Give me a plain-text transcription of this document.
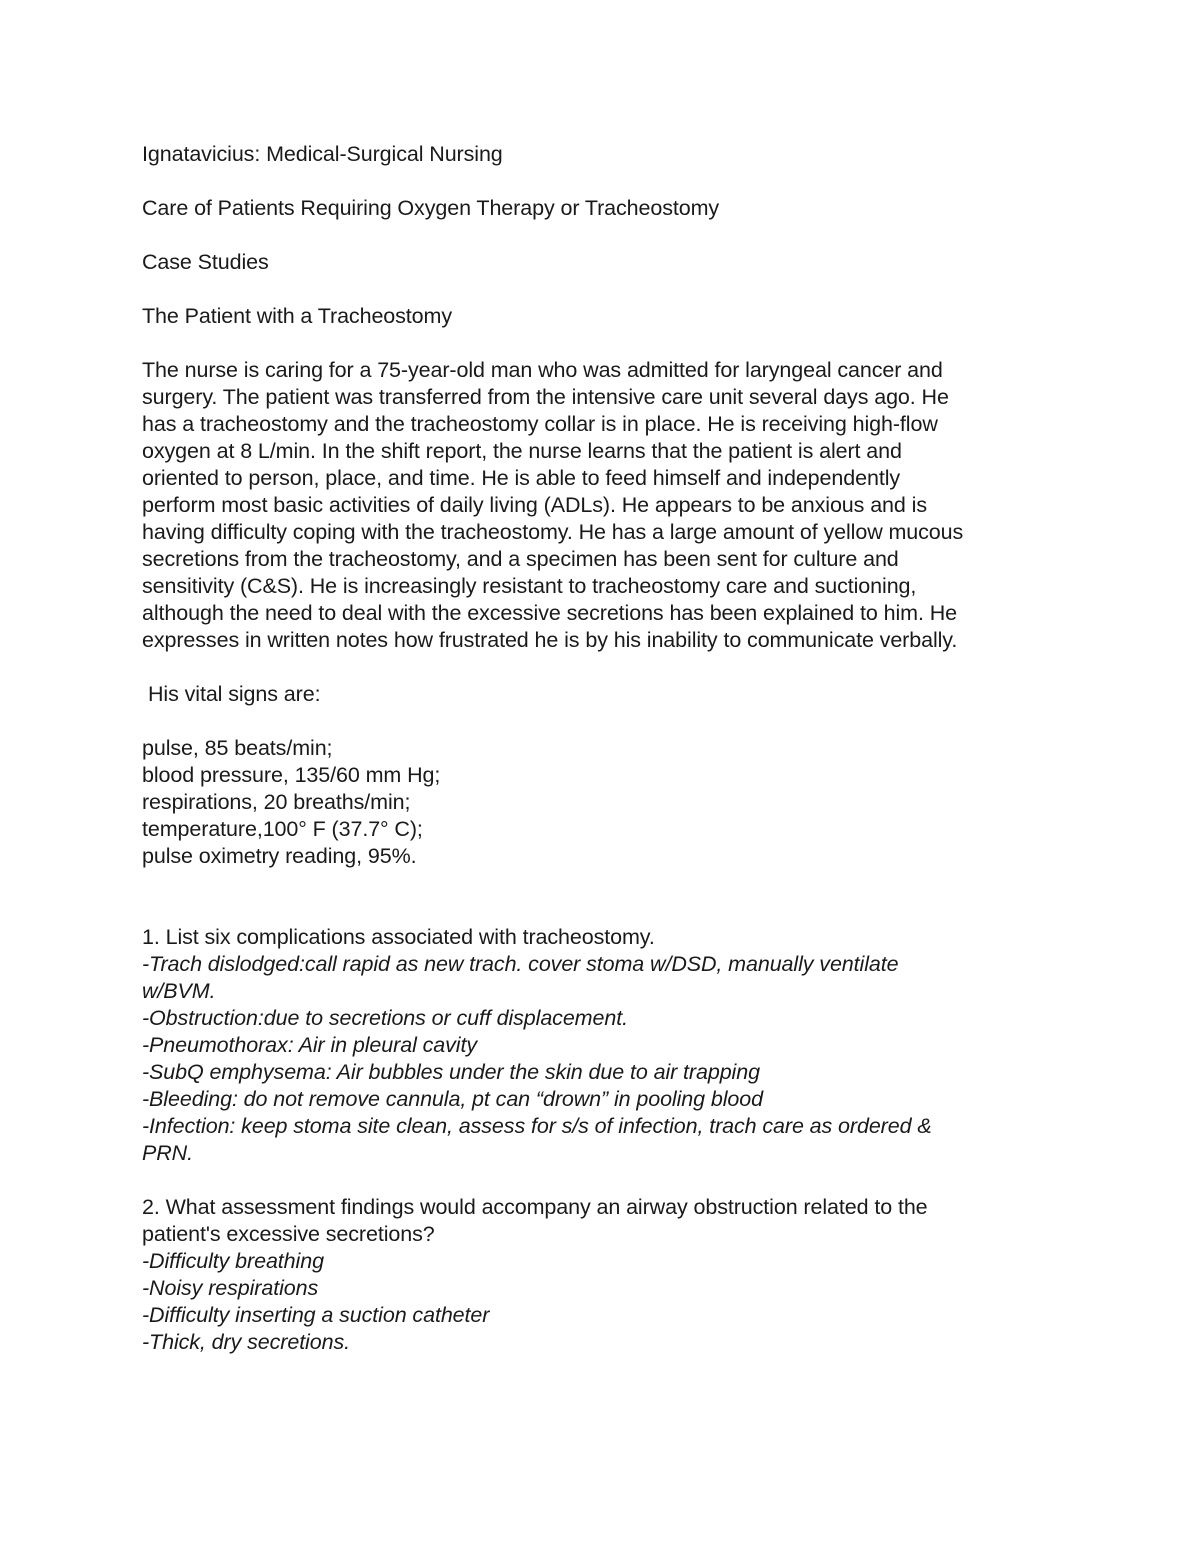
Ignatavicius: Medical-Surgical Nursing

Care of Patients Requiring Oxygen Therapy or Tracheostomy

Case Studies

The Patient with a Tracheostomy

The nurse is caring for a 75-year-old man who was admitted for laryngeal cancer and
surgery. The patient was transferred from the intensive care unit several days ago. He
has a tracheostomy and the tracheostomy collar is in place. He is receiving high-flow
oxygen at 8 L/min. In the shift report, the nurse learns that the patient is alert and
oriented to person, place, and time. He is able to feed himself and independently
perform most basic activities of daily living (ADLs). He appears to be anxious and is
having difficulty coping with the tracheostomy. He has a large amount of yellow mucous
secretions from the tracheostomy, and a specimen has been sent for culture and
sensitivity (C&S). He is increasingly resistant to tracheostomy care and suctioning,
although the need to deal with the excessive secretions has been explained to him. He
expresses in written notes how frustrated he is by his inability to communicate verbally.

His vital signs are:

pulse, 85 beats/min;
blood pressure, 135/60 mm Hg;
respirations, 20 breaths/min;
temperature,100° F (37.7° C);
pulse oximetry reading, 95%.

1. List six complications associated with tracheostomy.
-Trach dislodged:call rapid as new trach. cover stoma w/DSD, manually ventilate
w/BVM.
-Obstruction:due to secretions or cuff displacement.
-Pneumothorax: Air in pleural cavity
-SubQ emphysema: Air bubbles under the skin due to air trapping
-Bleeding: do not remove cannula, pt can “drown” in pooling blood
-Infection: keep stoma site clean, assess for s/s of infection, trach care as ordered &
PRN.

2. What assessment findings would accompany an airway obstruction related to the
patient's excessive secretions?
-Difficulty breathing
-Noisy respirations
-Difficulty inserting a suction catheter
-Thick, dry secretions.
